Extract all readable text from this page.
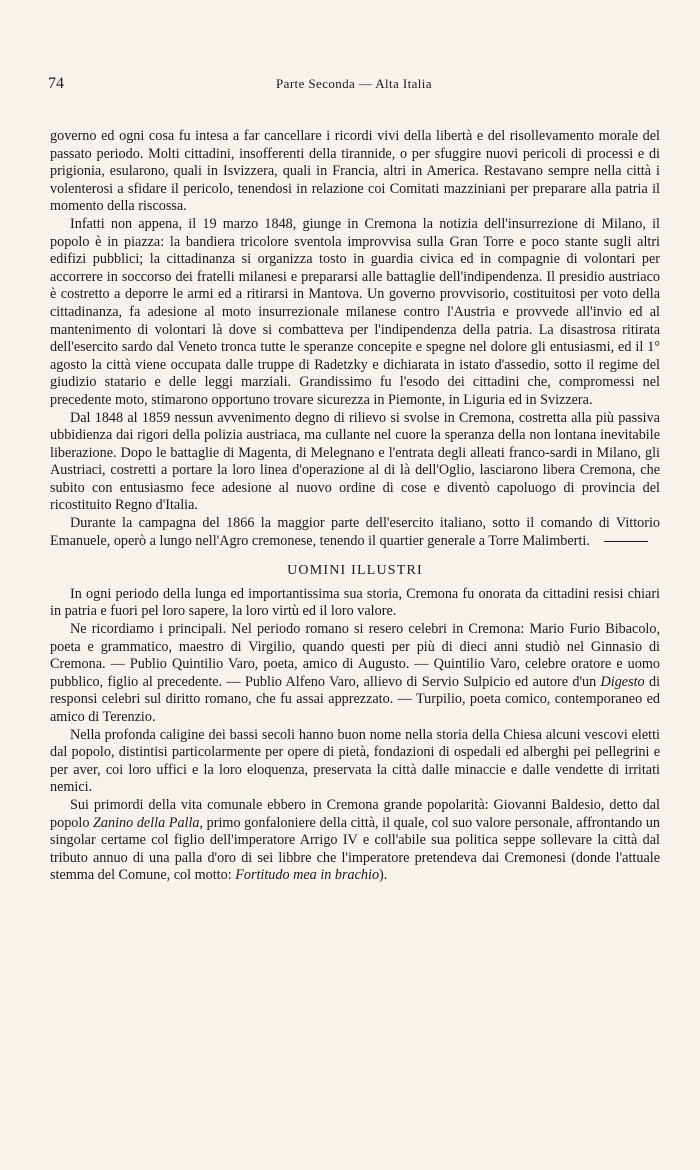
74	Parte Seconda — Alta Italia

governo ed ogni cosa fu intesa a far cancellare i ricordi vivi della libertà e del risollevamento morale del passato periodo. Molti cittadini, insofferenti della tirannide, o per sfuggire nuovi pericoli di processi e di prigionia, esularono, quali in Isvizzera, quali in Francia, altri in America. Restavano sempre nella città i volenterosi a sfidare il pericolo, tenendosi in relazione coi Comitati mazziniani per preparare alla patria il momento della riscossa.

Infatti non appena, il 19 marzo 1848, giunge in Cremona la notizia dell'insurrezione di Milano, il popolo è in piazza: la bandiera tricolore sventola improvvisa sulla Gran Torre e poco stante sugli altri edifizi pubblici; la cittadinanza si organizza tosto in guardia civica ed in compagnie di volontari per accorrere in soccorso dei fratelli milanesi e prepararsi alle battaglie dell'indipendenza. Il presidio austriaco è costretto a deporre le armi ed a ritirarsi in Mantova. Un governo provvisorio, costituitosi per voto della cittadinanza, fa adesione al moto insurrezionale milanese contro l'Austria e provvede all'invio ed al mantenimento di volontari là dove si combatteva per l'indipendenza della patria. La disastrosa ritirata dell'esercito sardo dal Veneto tronca tutte le speranze concepite e spegne nel dolore gli entusiasmi, ed il 1° agosto la città viene occupata dalle truppe di Radetzky e dichiarata in istato d'assedio, sotto il regime del giudizio statario e delle leggi marziali. Grandissimo fu l'esodo dei cittadini che, compromessi nel precedente moto, stimarono opportuno trovare sicurezza in Piemonte, in Liguria ed in Svizzera.

Dal 1848 al 1859 nessun avvenimento degno di rilievo si svolse in Cremona, costretta alla più passiva ubbidienza dai rigori della polizia austriaca, ma cullante nel cuore la speranza della non lontana inevitabile liberazione. Dopo le battaglie di Magenta, di Melegnano e l'entrata degli alleati franco-sardi in Milano, gli Austriaci, costretti a portare la loro linea d'operazione al di là dell'Oglio, lasciarono libera Cremona, che subito con entusiasmo fece adesione al nuovo ordine di cose e diventò capoluogo di provincia del ricostituito Regno d'Italia.

Durante la campagna del 1866 la maggior parte dell'esercito italiano, sotto il comando di Vittorio Emanuele, operò a lungo nell'Agro cremonese, tenendo il quartier generale a Torre Malimberti.

UOMINI ILLUSTRI

In ogni periodo della lunga ed importantissima sua storia, Cremona fu onorata da cittadini resisi chiari in patria e fuori pel loro sapere, la loro virtù ed il loro valore.

Ne ricordiamo i principali. Nel periodo romano si resero celebri in Cremona: Mario Furio Bibacolo, poeta e grammatico, maestro di Virgilio, quando questi per più di dieci anni studiò nel Ginnasio di Cremona. — Publio Quintilio Varo, poeta, amico di Augusto. — Quintilio Varo, celebre oratore e uomo pubblico, figlio al precedente. — Publio Alfeno Varo, allievo di Servio Sulpicio ed autore d'un Digesto di responsi celebri sul diritto romano, che fu assai apprezzato. — Turpilio, poeta comico, contemporaneo ed amico di Terenzio.

Nella profonda caligine dei bassi secoli hanno buon nome nella storia della Chiesa alcuni vescovi eletti dal popolo, distintisi particolarmente per opere di pietà, fondazioni di ospedali ed alberghi pei pellegrini e per aver, coi loro uffici e la loro eloquenza, preservata la città dalle minaccie e dalle vendette di irritati nemici.

Sui primordi della vita comunale ebbero in Cremona grande popolarità: Giovanni Baldesio, detto dal popolo Zanino della Palla, primo gonfaloniere della città, il quale, col suo valore personale, affrontando un singolar certame col figlio dell'imperatore Arrigo IV e coll'abile sua politica seppe sollevare la città dal tributo annuo di una palla d'oro di sei libbre che l'imperatore pretendeva dai Cremonesi (donde l'attuale stemma del Comune, col motto: Fortitudo mea in brachio).
